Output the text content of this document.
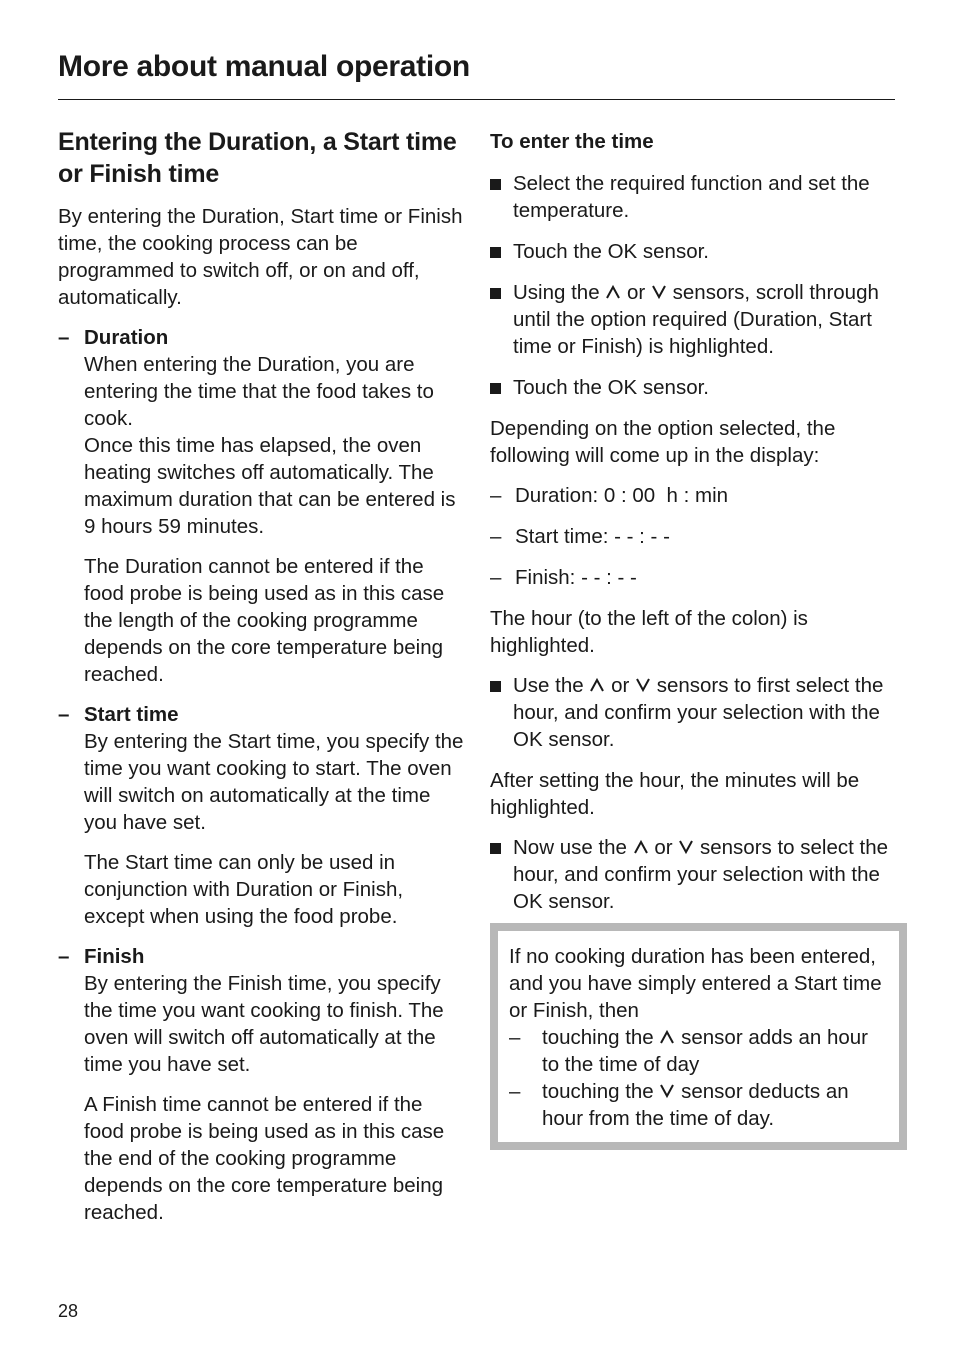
More about manual operation
Entering the Duration, a Start time or Finish time

By entering the Duration, Start time or Finish time, the cooking process can be programmed to switch off, or on and off, automatically.

– Duration
When entering the Duration, you are entering the time that the food takes to cook.
Once this time has elapsed, the oven heating switches off automatically. The maximum duration that can be entered is 9 hours 59 minutes.
The Duration cannot be entered if the food probe is being used as in this case the length of the cooking programme depends on the core temperature being reached.
– Start time
By entering the Start time, you specify the time you want cooking to start. The oven will switch on automatically at the time you have set.
The Start time can only be used in conjunction with Duration or Finish, except when using the food probe.
– Finish
By entering the Finish time, you specify the time you want cooking to finish. The oven will switch off automatically at the time you have set.
A Finish time cannot be entered if the food probe is being used as in this case the end of the cooking programme depends on the core temperature being reached.
To enter the time
Select the required function and set the temperature.
Touch the OK sensor.
Using the or sensors, scroll through until the option required (Duration, Start time or Finish) is highlighted.
Touch the OK sensor.

Depending on the option selected, the following will come up in the display:

– Duration: 0 : 00  h : min
– Start time: - - : - -
– Finish: - - : - -

The hour (to the left of the colon) is highlighted.

Use the or sensors to first select the hour, and confirm your selection with the OK sensor.

After setting the hour, the minutes will be highlighted.

Now use the or sensors to select the hour, and confirm your selection with the OK sensor.
If no cooking duration has been entered, and you have simply entered a Start time or Finish, then
– touching the sensor adds an hour to the time of day
– touching the sensor deducts an hour from the time of day.
28
